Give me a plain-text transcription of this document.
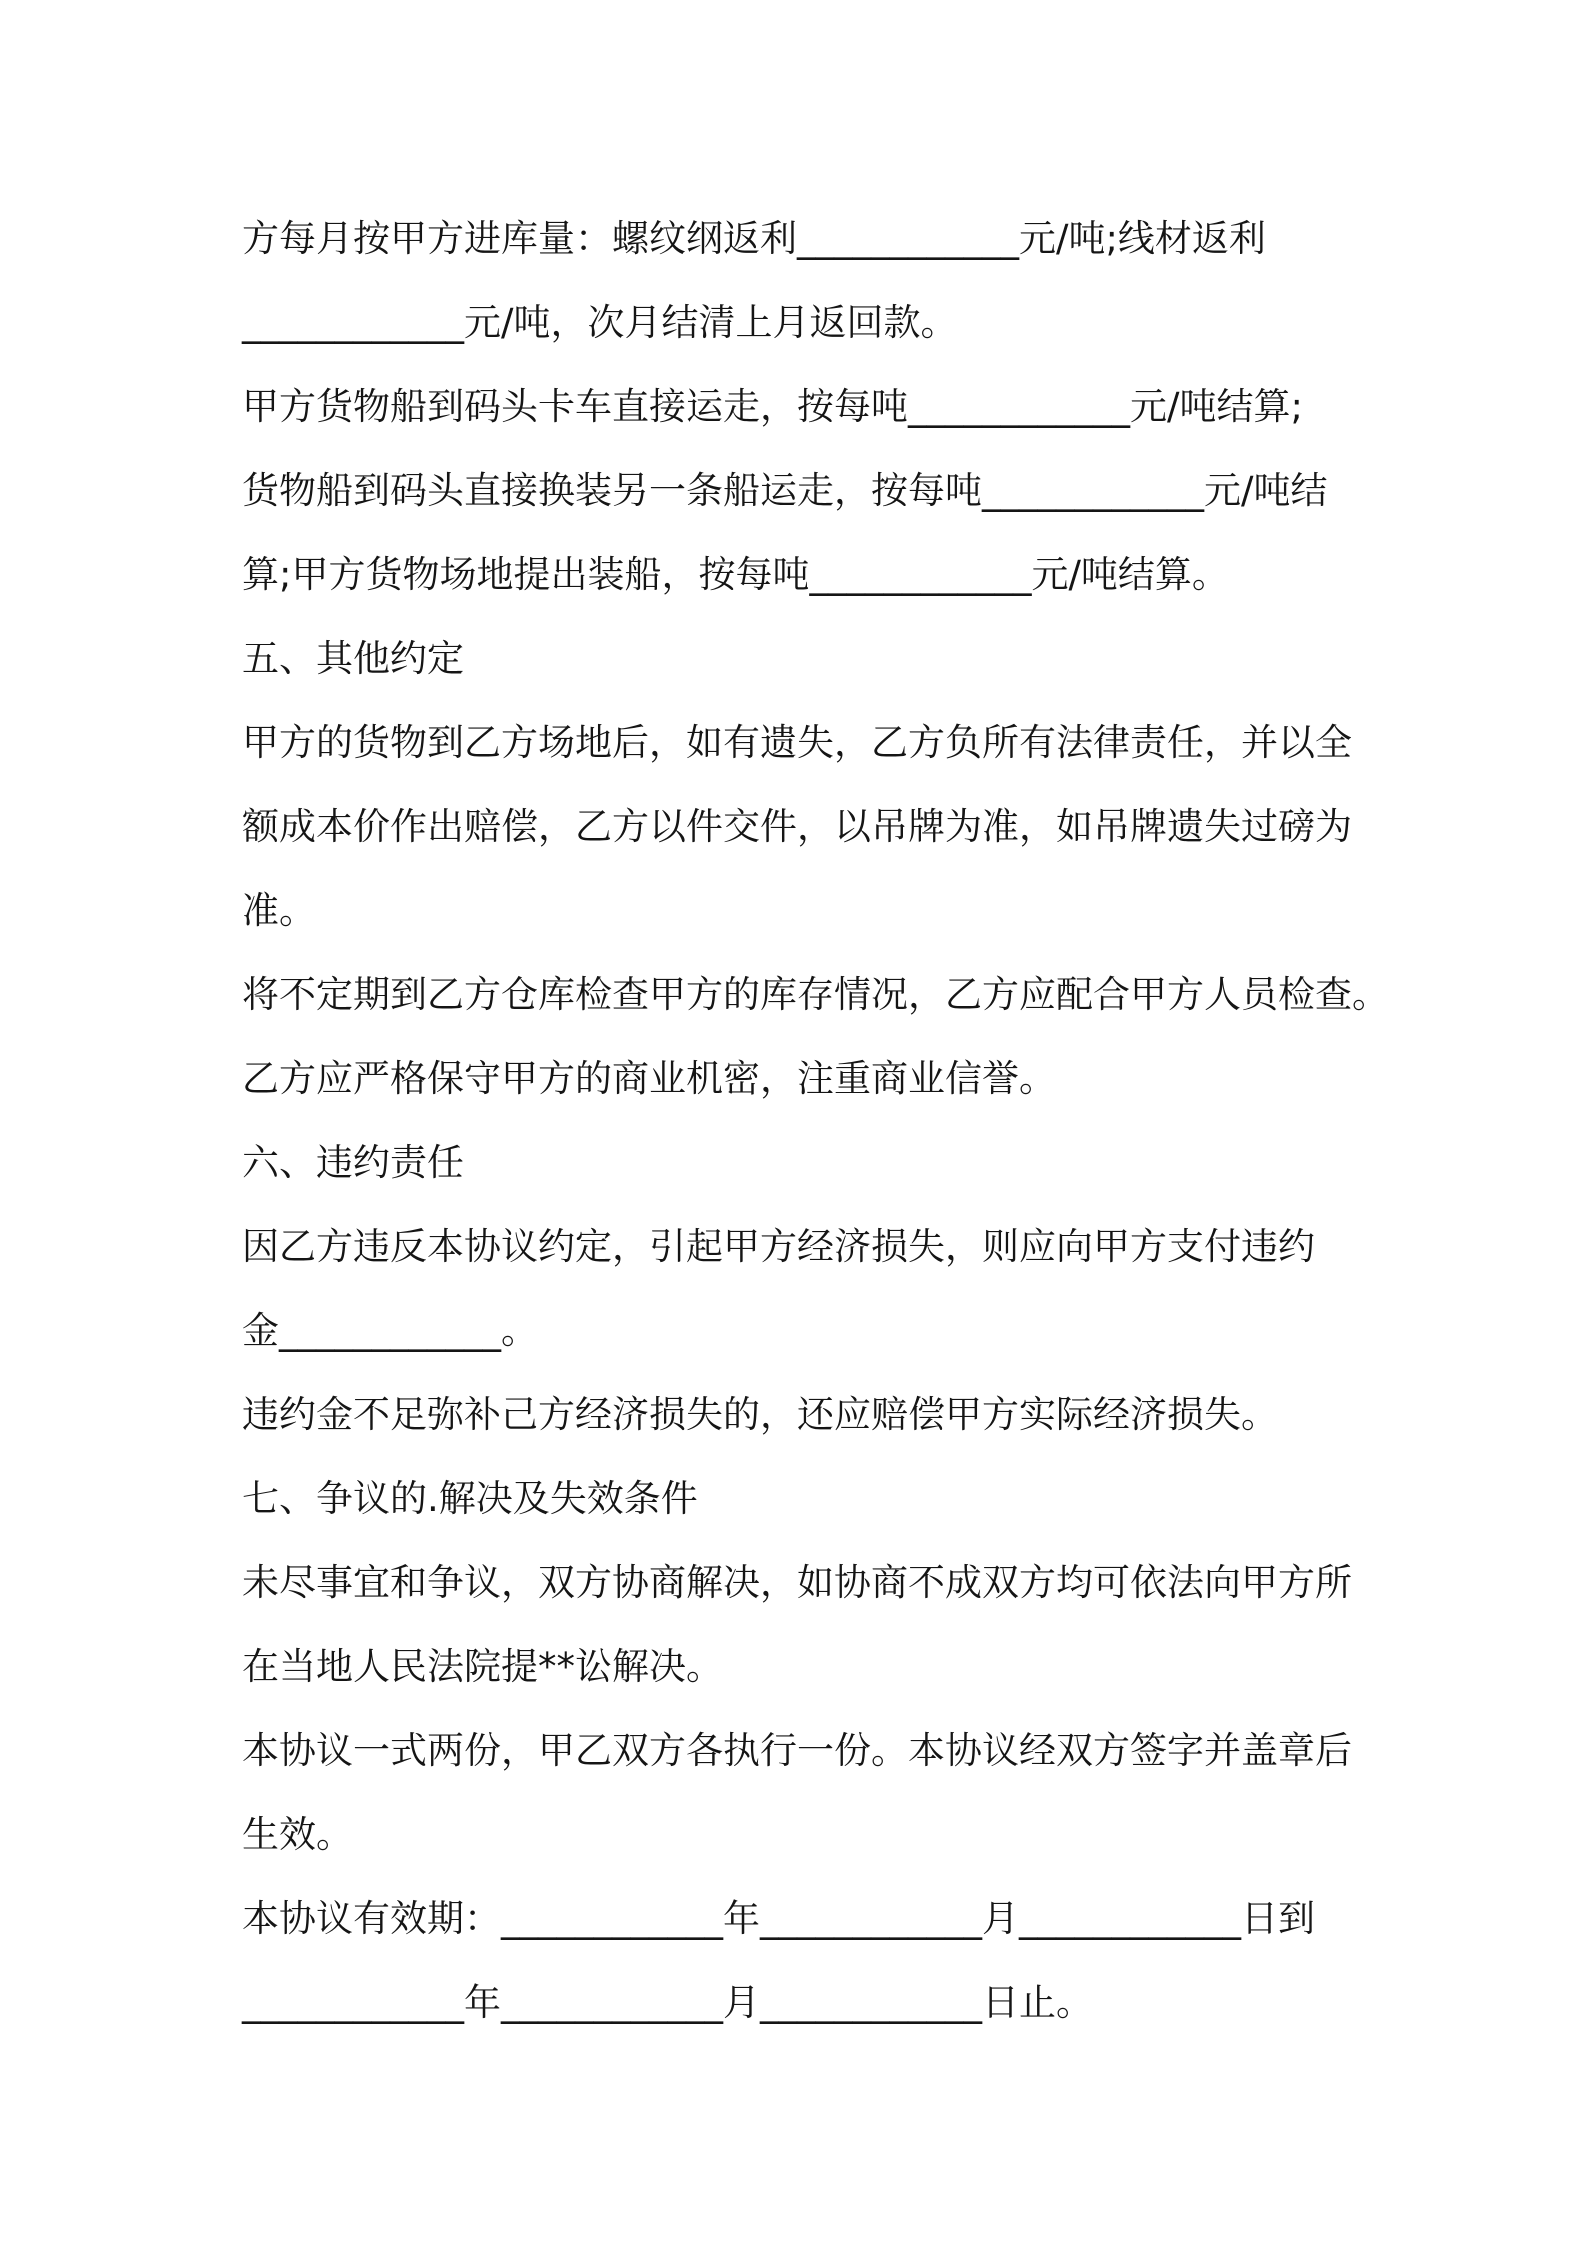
方每月按甲方进库量：螺纹纲返利____________元/吨;线材返利
____________元/吨，次月结清上月返回款。
甲方货物船到码头卡车直接运走，按每吨____________元/吨结算;
货物船到码头直接换装另一条船运走，按每吨____________元/吨结
算;甲方货物场地提出装船，按每吨____________元/吨结算。
五、其他约定
甲方的货物到乙方场地后，如有遗失，乙方负所有法律责任，并以全
额成本价作出赔偿，乙方以件交件，以吊牌为准，如吊牌遗失过磅为
准。
将不定期到乙方仓库检查甲方的库存情况，乙方应配合甲方人员检查。
乙方应严格保守甲方的商业机密，注重商业信誉。
六、违约责任
因乙方违反本协议约定，引起甲方经济损失，则应向甲方支付违约
金____________。
违约金不足弥补己方经济损失的，还应赔偿甲方实际经济损失。
七、争议的.解决及失效条件
未尽事宜和争议，双方协商解决，如协商不成双方均可依法向甲方所
在当地人民法院提**讼解决。
本协议一式两份，甲乙双方各执行一份。本协议经双方签字并盖章后
生效。
本协议有效期：____________年____________月____________日到
____________年____________月____________日止。
